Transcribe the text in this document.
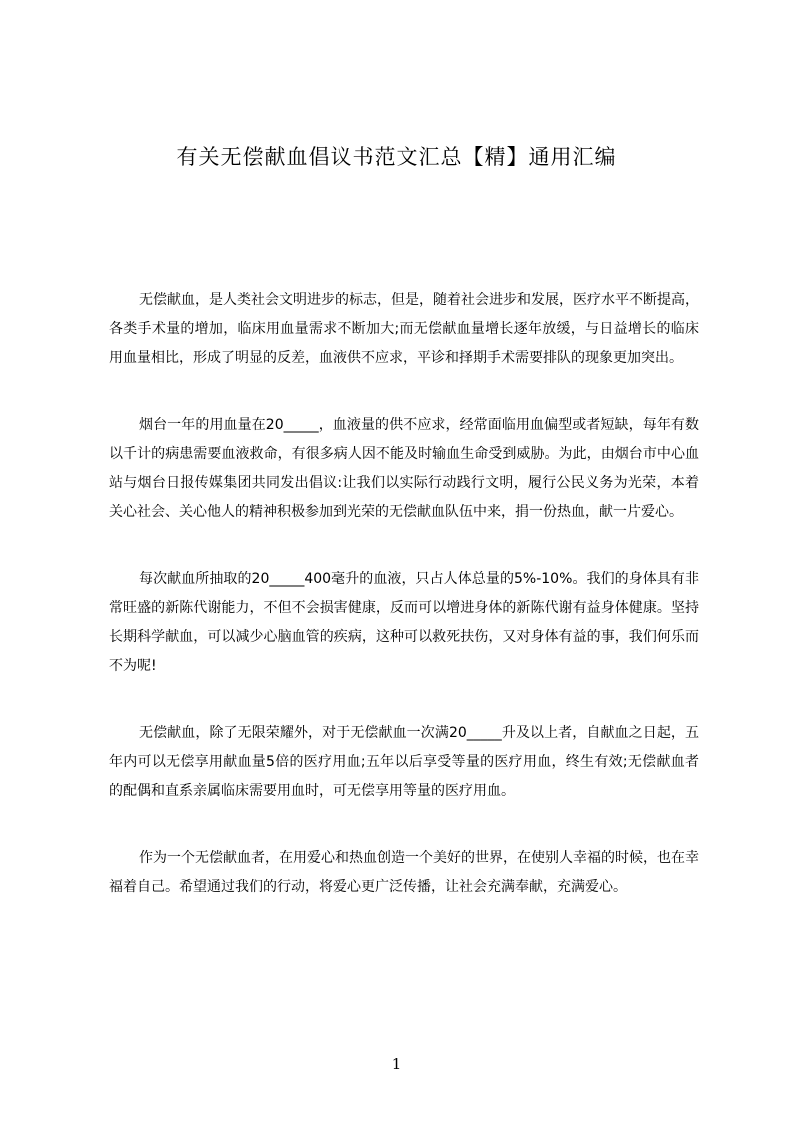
有关无偿献血倡议书范文汇总【精】通用汇编

无偿献血，是人类社会文明进步的标志，但是，随着社会进步和发展，医疗水平不断提高，各类手术量的增加，临床用血量需求不断加大;而无偿献血量增长逐年放缓，与日益增长的临床用血量相比，形成了明显的反差，血液供不应求，平诊和择期手术需要排队的现象更加突出。

烟台一年的用血量在20_____，血液量的供不应求，经常面临用血偏型或者短缺，每年有数以千计的病患需要血液救命，有很多病人因不能及时输血生命受到威胁。为此，由烟台市中心血站与烟台日报传媒集团共同发出倡议:让我们以实际行动践行文明，履行公民义务为光荣，本着关心社会、关心他人的精神积极参加到光荣的无偿献血队伍中来，捐一份热血，献一片爱心。

每次献血所抽取的20_____400毫升的血液，只占人体总量的5%-10%。我们的身体具有非常旺盛的新陈代谢能力，不但不会损害健康，反而可以增进身体的新陈代谢有益身体健康。坚持长期科学献血，可以减少心脑血管的疾病，这种可以救死扶伤，又对身体有益的事，我们何乐而不为呢!

无偿献血，除了无限荣耀外，对于无偿献血一次满20_____升及以上者，自献血之日起，五年内可以无偿享用献血量5倍的医疗用血;五年以后享受等量的医疗用血，终生有效;无偿献血者的配偶和直系亲属临床需要用血时，可无偿享用等量的医疗用血。

作为一个无偿献血者，在用爱心和热血创造一个美好的世界，在使别人幸福的时候，也在幸福着自己。希望通过我们的行动，将爱心更广泛传播，让社会充满奉献，充满爱心。

1
